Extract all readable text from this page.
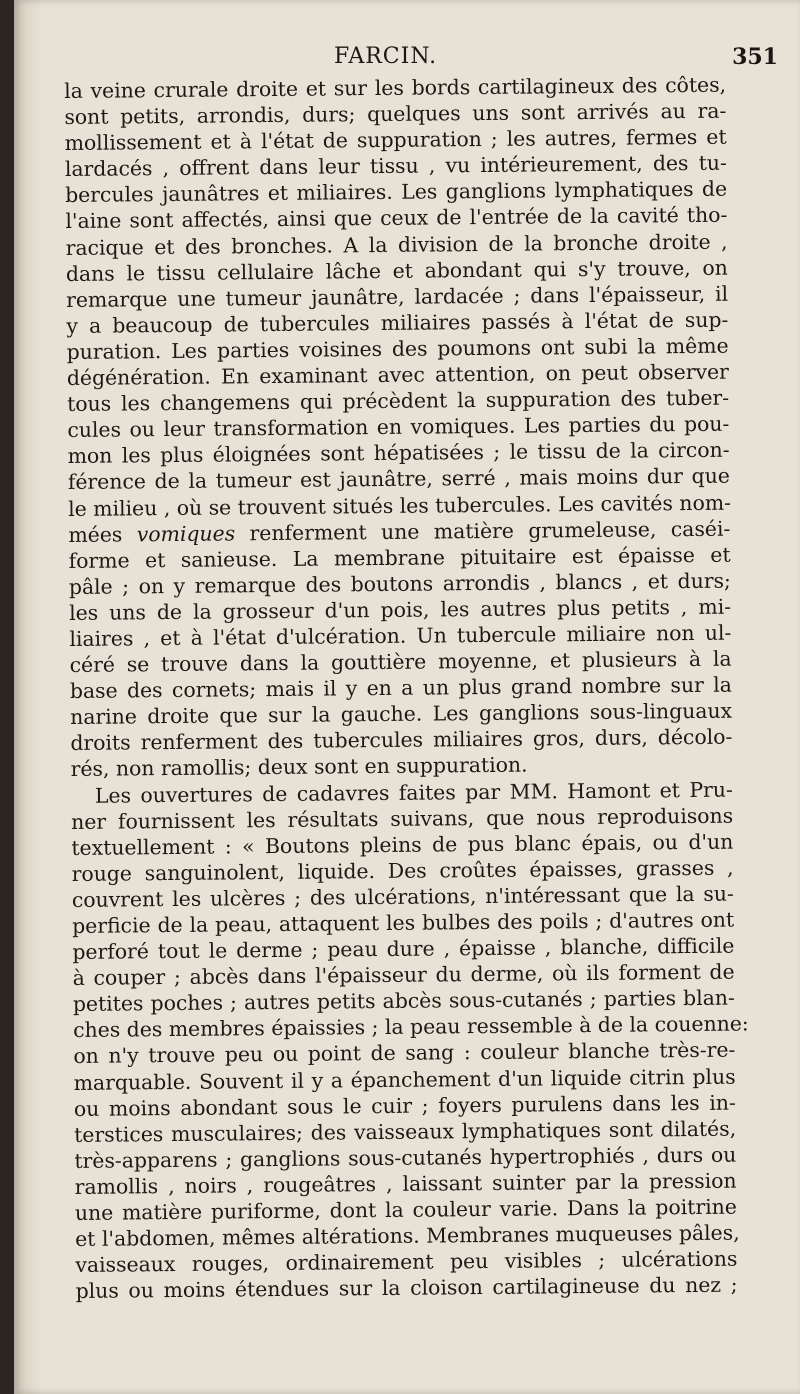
FARCIN.	351

la veine crurale droite et sur les bords cartilagineux des côtes,
sont petits, arrondis, durs; quelques uns sont arrivés au ra-
mollissement et à l'état de suppuration ; les autres, fermes et
lardacés , offrent dans leur tissu , vu intérieurement, des tu-
bercules jaunâtres et miliaires. Les ganglions lymphatiques de
l'aine sont affectés, ainsi que ceux de l'entrée de la cavité tho-
racique et des bronches. A la division de la bronche droite ,
dans le tissu cellulaire lâche et abondant qui s'y trouve, on
remarque une tumeur jaunâtre, lardacée ; dans l'épaisseur, il
y a beaucoup de tubercules miliaires passés à l'état de sup-
puration. Les parties voisines des poumons ont subi la même
dégénération. En examinant avec attention, on peut observer
tous les changemens qui précèdent la suppuration des tuber-
cules ou leur transformation en vomiques. Les parties du pou-
mon les plus éloignées sont hépatisées ; le tissu de la circon-
férence de la tumeur est jaunâtre, serré , mais moins dur que
le milieu , où se trouvent situés les tubercules. Les cavités nom-
mées vomiques renferment une matière grumeleuse, caséi-
forme et sanieuse. La membrane pituitaire est épaisse et
pâle ; on y remarque des boutons arrondis , blancs , et durs;
les uns de la grosseur d'un pois, les autres plus petits , mi-
liaires , et à l'état d'ulcération. Un tubercule miliaire non ul-
céré se trouve dans la gouttière moyenne, et plusieurs à la
base des cornets; mais il y en a un plus grand nombre sur la
narine droite que sur la gauche. Les ganglions sous-linguaux
droits renferment des tubercules miliaires gros, durs, décolo-
rés, non ramollis; deux sont en suppuration.

Les ouvertures de cadavres faites par MM. Hamont et Pru-
ner fournissent les résultats suivans, que nous reproduisons
textuellement : « Boutons pleins de pus blanc épais, ou d'un
rouge sanguinolent, liquide. Des croûtes épaisses, grasses ,
couvrent les ulcères ; des ulcérations, n'intéressant que la su-
perficie de la peau, attaquent les bulbes des poils ; d'autres ont
perforé tout le derme ; peau dure , épaisse , blanche, difficile
à couper ; abcès dans l'épaisseur du derme, où ils forment de
petites poches ; autres petits abcès sous-cutanés ; parties blan-
ches des membres épaissies ; la peau ressemble à de la couenne:
on n'y trouve peu ou point de sang : couleur blanche très-re-
marquable. Souvent il y a épanchement d'un liquide citrin plus
ou moins abondant sous le cuir ; foyers purulens dans les in-
terstices musculaires; des vaisseaux lymphatiques sont dilatés,
très-apparens ; ganglions sous-cutanés hypertrophiés , durs ou
ramollis , noirs , rougeâtres , laissant suinter par la pression
une matière puriforme, dont la couleur varie. Dans la poitrine
et l'abdomen, mêmes altérations. Membranes muqueuses pâles,
vaisseaux rouges, ordinairement peu visibles ; ulcérations
plus ou moins étendues sur la cloison cartilagineuse du nez ;
